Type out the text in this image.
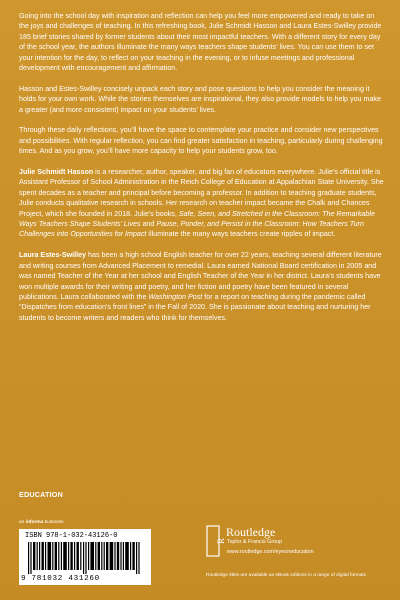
Going into the school day with inspiration and reflection can help you feel more empowered and ready to take on the joys and challenges of teaching. In this refreshing book, Julie Schmidt Hasson and Laura Estes-Swilley provide 185 brief stories shared by former students about their most impactful teachers. With a different story for every day of the school year, the authors illuminate the many ways teachers shape students’ lives. You can use them to set your intention for the day, to reflect on your teaching in the evening, or to infuse meetings and professional development with encouragement and affirmation.

Hasson and Estes-Swilley concisely unpack each story and pose questions to help you consider the meaning it holds for your own work. While the stories themselves are inspirational, they also provide models to help you make a greater (and more consistent) impact on your students’ lives.

Through these daily reflections, you’ll have the space to contemplate your practice and consider new perspectives and possibilities. With regular reflection, you can find greater satisfaction in teaching, particularly during challenging times. And as you grow, you’ll have more capacity to help your students grow, too.

Julie Schmidt Hasson is a researcher, author, speaker, and big fan of educators everywhere. Julie’s official title is Assistant Professor of School Administration in the Reich College of Education at Appalachian State University. She spent decades as a teacher and principal before becoming a professor. In addition to teaching graduate students, Julie conducts qualitative research in schools. Her research on teacher impact became the Chalk and Chances Project, which she founded in 2018. Julie’s books, Safe, Seen, and Stretched in the Classroom: The Remarkable Ways Teachers Shape Students’ Lives and Pause, Ponder, and Persist in the Classroom: How Teachers Turn Challenges into Opportunities for Impact illuminate the many ways teachers create ripples of impact.

Laura Estes-Swilley has been a high school English teacher for over 22 years, teaching several different literature and writing courses from Advanced Placement to remedial. Laura earned National Board certification in 2005 and was named Teacher of the Year at her school and English Teacher of the Year in her district. Laura’s students have won multiple awards for their writing and poetry, and her fiction and poetry have been featured in several publications. Laura collaborated with the Washington Post for a report on teaching during the pandemic called “Dispatches from education’s front lines” in the Fall of 2020. She is passionate about teaching and nurturing her students to become writers and readers who think for themselves.

EDUCATION
an informa business
ISBN 978-1-032-43126-0
9 781032 431260
R
Routledge
Taylor & Francis Group
www.routledge.com/eyeoneducation
Routledge titles are available as eBook editions in a range of digital formats
